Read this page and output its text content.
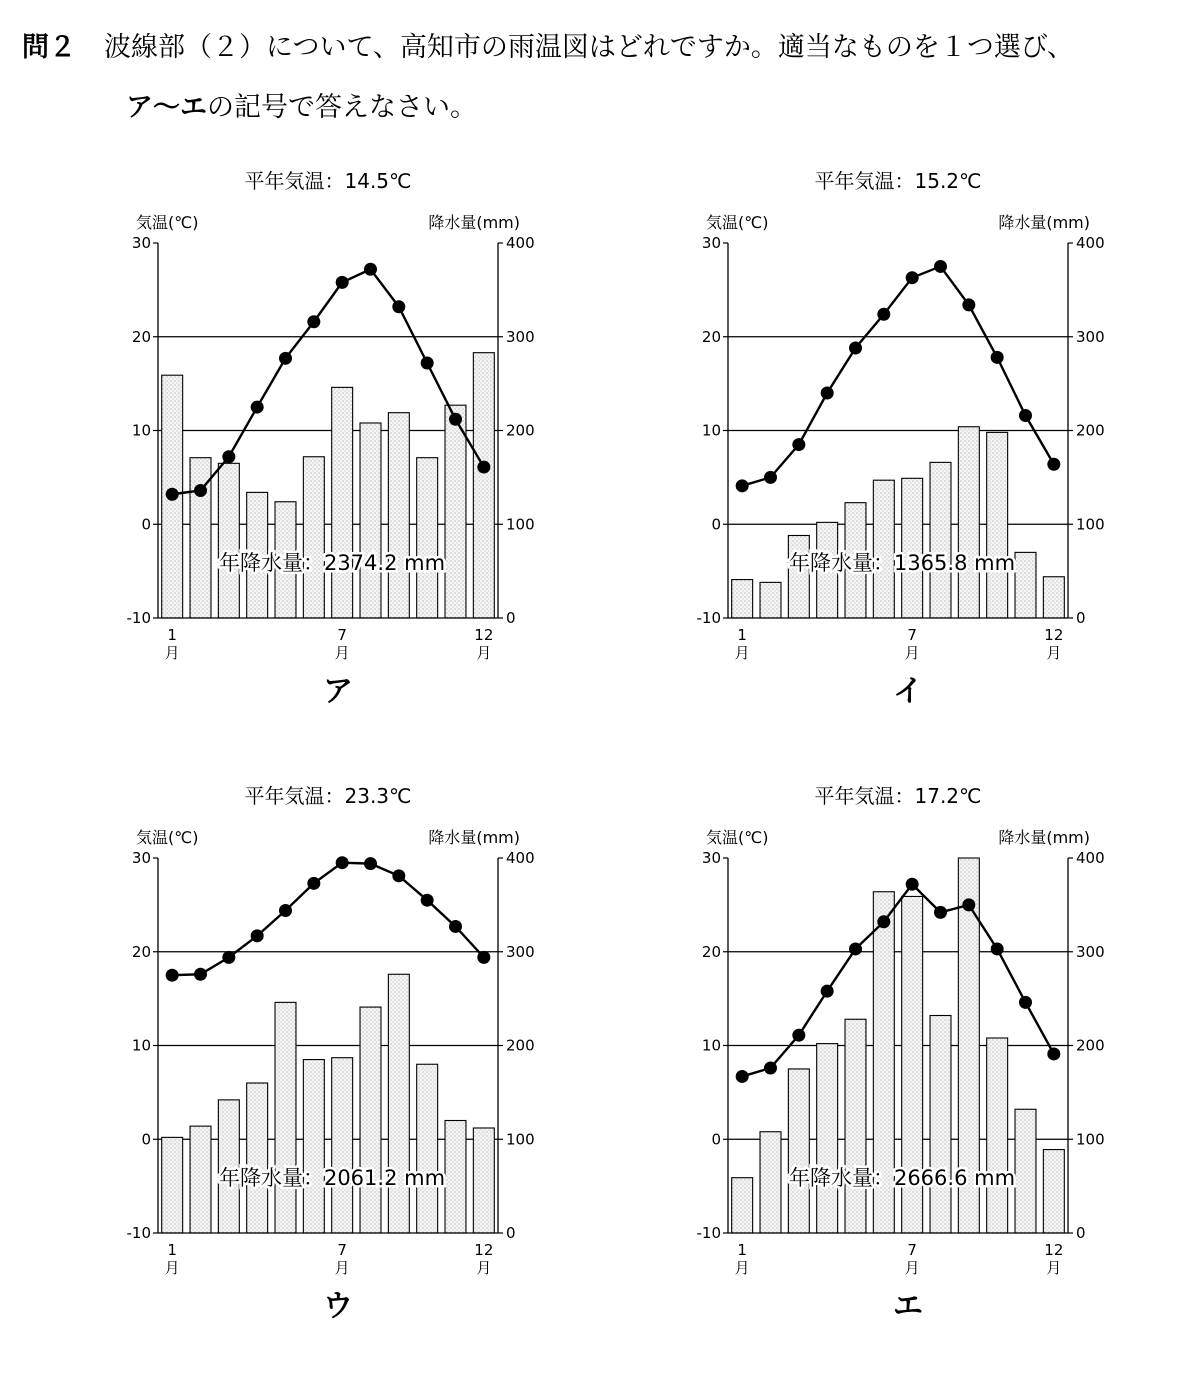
問２ 波線部（２）について、高知市の雨温図はどれですか。適当なものを１つ選び、
ア～エの記号で答えなさい。
平年気温：14.5℃
気温(℃)	降水量(mm)
年降水量：2374.2 mm
30
20
10
0
-10
400
300
200
100
0
1
月
7
月
12
月
ア
平年気温：15.2℃
気温(℃)	降水量(mm)
年降水量：1365.8 mm
30
20
10
0
-10
400
300
200
100
0
1
月
7
月
12
月
イ
平年気温：23.3℃
気温(℃)	降水量(mm)
年降水量：2061.2 mm
30
20
10
0
-10
400
300
200
100
0
1
月
7
月
12
月
ウ
平年気温：17.2℃
気温(℃)	降水量(mm)
年降水量：2666.6 mm
30
20
10
0
-10
400
300
200
100
0
1
月
7
月
12
月
エ
